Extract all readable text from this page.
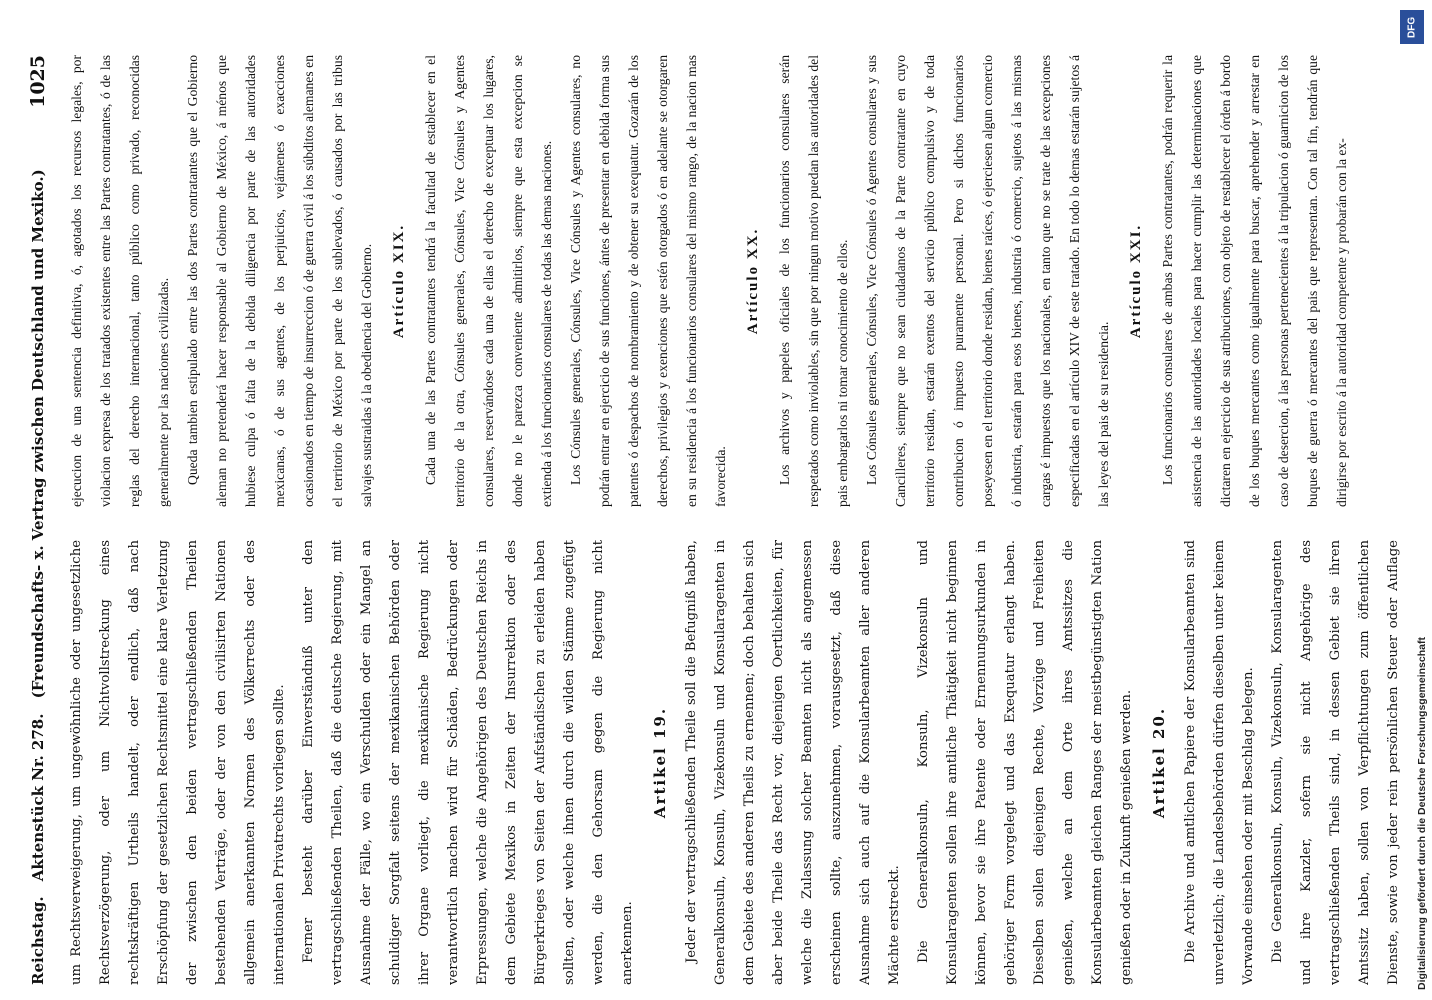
Reichstag. Aktenstück Nr. 278. (Freundschafts- x. Vertrag zwischen Deutschland und Mexiko.)
1025

um Rechtsverweigerung, um ungewöhnliche oder ungesetzliche Rechtsverzögerung, oder um Nichtvollstreckung eines rechtskräftigen Urtheils handelt, oder endlich, daß nach Erschöpfung der gesetzlichen Rechtsmittel eine klare Verletzung der zwischen den beiden vertragschließenden Theilen bestehenden Verträge, oder der von den civilisirten Nationen allgemein anerkannten Normen des Völkerrechts oder des internationalen Privatrechts vorliegen sollte.	Ferner besteht darüber Einverständniß unter den vertragschließenden Theilen, daß die deutsche Regierung, mit Ausnahme der Fälle, wo ein Verschulden oder ein Mangel an schuldiger Sorgfalt seitens der mexikanischen Behörden oder ihrer Organe vorliegt, die mexikanische Regierung nicht verantwortlich machen wird für Schäden, Bedrückungen oder Erpressungen, welche die Angehörigen des Deutschen Reichs in dem Gebiete Mexikos in Zeiten der Insurrektion oder des Bürgerkrieges von Seiten der Aufständischen zu erleiden haben sollten, oder welche ihnen durch die wilden Stämme zugefügt werden, die den Gehorsam gegen die Regierung nicht anerkennen.

Artikel 19.	Jeder der vertragschließenden Theile soll die Befugniß haben, Generalkonsuln, Konsuln, Vizekonsuln und Konsularagenten in dem Gebiete des anderen Theils zu ernennen; doch behalten sich aber beide Theile das Recht vor, diejenigen Oertlichkeiten, für welche die Zulassung solcher Beamten nicht als angemessen erscheinen sollte, auszunehmen, vorausgesetzt, daß diese Ausnahme sich auch auf die Konsularbeamten aller anderen Mächte erstreckt.	Die Generalkonsuln, Konsuln, Vizekonsuln und Konsularagenten sollen ihre amtliche Thätigkeit nicht beginnen können, bevor sie ihre Patente oder Ernennungsurkunden in gehöriger Form vorgelegt und das Exequatur erlangt haben. Dieselben sollen diejenigen Rechte, Vorzüge und Freiheiten genießen, welche an dem Orte ihres Amtssitzes die Konsularbeamten gleichen Ranges der meistbegünstigten Nation genießen oder in Zukunft genießen werden.	Artikel 20.	Die Archive und amtlichen Papiere der Konsularbeamten sind unverletzlich; die Landesbehörden dürfen dieselben unter keinem Vorwande einsehen oder mit Beschlag belegen.	Die Generalkonsuln, Konsuln, Vizekonsuln, Konsularagenten und ihre Kanzler, sofern sie nicht Angehörige des vertragschließenden Theils sind, in dessen Gebiet sie ihren Amtssitz haben, sollen von Verpflichtungen zum öffentlichen Dienste, sowie von jeder rein persönlichen Steuer oder Auflage

ejecucion de una sentencia definitiva, ó, agotados los recursos legales, por violacion expresa de los tratados existentes entre las Partes contratantes, ó de las reglas del derecho internacional, tanto público como privado, reconocidas generalmente por las naciones civilizadas.	Queda tambien estipulado entre las dos Partes contratantes que el Gobierno aleman no pretenderá hacer responsable al Gobierno de México, á ménos que hubiese culpa ó falta de la debida diligencia por parte de las autoridades mexicanas, ó de sus agentes, de los perjuicios, vejámenes ó exacciones ocasionados en tiempo de insurreccion ó de guerra civil á los súbditos alemanes en el territorio de México por parte de los sublevados, ó causados por las tribus salvajes sustraidas á la obediencia del Gobierno.	Artículo XIX.	Cada una de las Partes contratantes tendrá la facultad de establecer en el territorio de la otra, Cónsules generales, Cónsules, Vice Cónsules y Agentes consulares, reservándose cada una de ellas el derecho de exceptuar los lugares, donde no le parezca conveniente admitirlos, siempre que esta excepcion se extienda á los funcionarios consulares de todas las demas naciones.	Los Cónsules generales, Cónsules, Vice Cónsules y Agentes consulares, no podrán entrar en ejercicio de sus funciones, ántes de presentar en debida forma sus patentes ó despachos de nombramiento y de obtener su exequatur. Gozarán de los derechos, privilegios y exenciones que estén otorgados ó en adelante se otorgaren en su residencia á los funcionarios consulares del mismo rango, de la nacion mas favorecida.

Artículo XX.	Los archivos y papeles oficiales de los funcionarios consulares serán respetados como inviolables, sin que por ningun motivo puedan las autoridades del pais embargarlos ni tomar conocimiento de ellos.	Los Cónsules generales, Cónsules, Vice Cónsules ó Agentes consulares y sus Cancilleres, siempre que no sean ciudadanos de la Parte contratante en cuyo territorio residan, estarán exentos del servicio público compulsivo y de toda contribucion ó impuesto puramente personal. Pero si dichos funcionarios poseyesen en el territorio donde residan, bienes raíces, ó ejerciesen algun comercio ó industria, estarán para esos bienes, industria ó comercio, sujetos á las mismas cargas é impuestos que los nacionales, en tanto que no se trate de las excepciones especificadas en el artículo XIV de este tratado. En todo lo demas estarán sujetos á las leyes del pais de su residencia.

Artículo XXI.	Los funcionarios consulares de ambas Partes contratantes, podrán requerir la asistencia de las autoridades locales para hacer cumplir las determinaciones que dictaren en ejercicio de sus atribuciones, con objeto de restablecer el órden á bordo de los buques mercantes como igualmente para buscar, aprehender y arrestar en caso de desercion, á las personas pertenecientes á la tripulacion ó guarnicion de los buques de guerra ó mercantes del pais que representan. Con tal fin, tendrán que dirigirse por escrito á la autoridad competente y probarán con la ex-

DFG
Digitalisierung gefördert durch die Deutsche Forschungsgemeinschaft
